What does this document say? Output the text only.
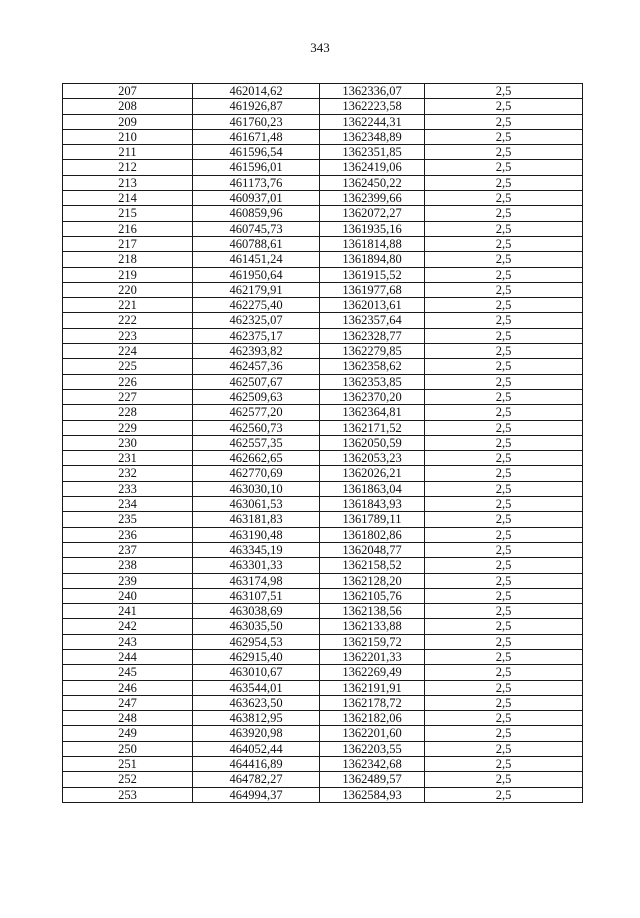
343
207	462014,62	1362336,07	2,5
208	461926,87	1362223,58	2,5
209	461760,23	1362244,31	2,5
210	461671,48	1362348,89	2,5
211	461596,54	1362351,85	2,5
212	461596,01	1362419,06	2,5
213	461173,76	1362450,22	2,5
214	460937,01	1362399,66	2,5
215	460859,96	1362072,27	2,5
216	460745,73	1361935,16	2,5
217	460788,61	1361814,88	2,5
218	461451,24	1361894,80	2,5
219	461950,64	1361915,52	2,5
220	462179,91	1361977,68	2,5
221	462275,40	1362013,61	2,5
222	462325,07	1362357,64	2,5
223	462375,17	1362328,77	2,5
224	462393,82	1362279,85	2,5
225	462457,36	1362358,62	2,5
226	462507,67	1362353,85	2,5
227	462509,63	1362370,20	2,5
228	462577,20	1362364,81	2,5
229	462560,73	1362171,52	2,5
230	462557,35	1362050,59	2,5
231	462662,65	1362053,23	2,5
232	462770,69	1362026,21	2,5
233	463030,10	1361863,04	2,5
234	463061,53	1361843,93	2,5
235	463181,83	1361789,11	2,5
236	463190,48	1361802,86	2,5
237	463345,19	1362048,77	2,5
238	463301,33	1362158,52	2,5
239	463174,98	1362128,20	2,5
240	463107,51	1362105,76	2,5
241	463038,69	1362138,56	2,5
242	463035,50	1362133,88	2,5
243	462954,53	1362159,72	2,5
244	462915,40	1362201,33	2,5
245	463010,67	1362269,49	2,5
246	463544,01	1362191,91	2,5
247	463623,50	1362178,72	2,5
248	463812,95	1362182,06	2,5
249	463920,98	1362201,60	2,5
250	464052,44	1362203,55	2,5
251	464416,89	1362342,68	2,5
252	464782,27	1362489,57	2,5
253	464994,37	1362584,93	2,5
